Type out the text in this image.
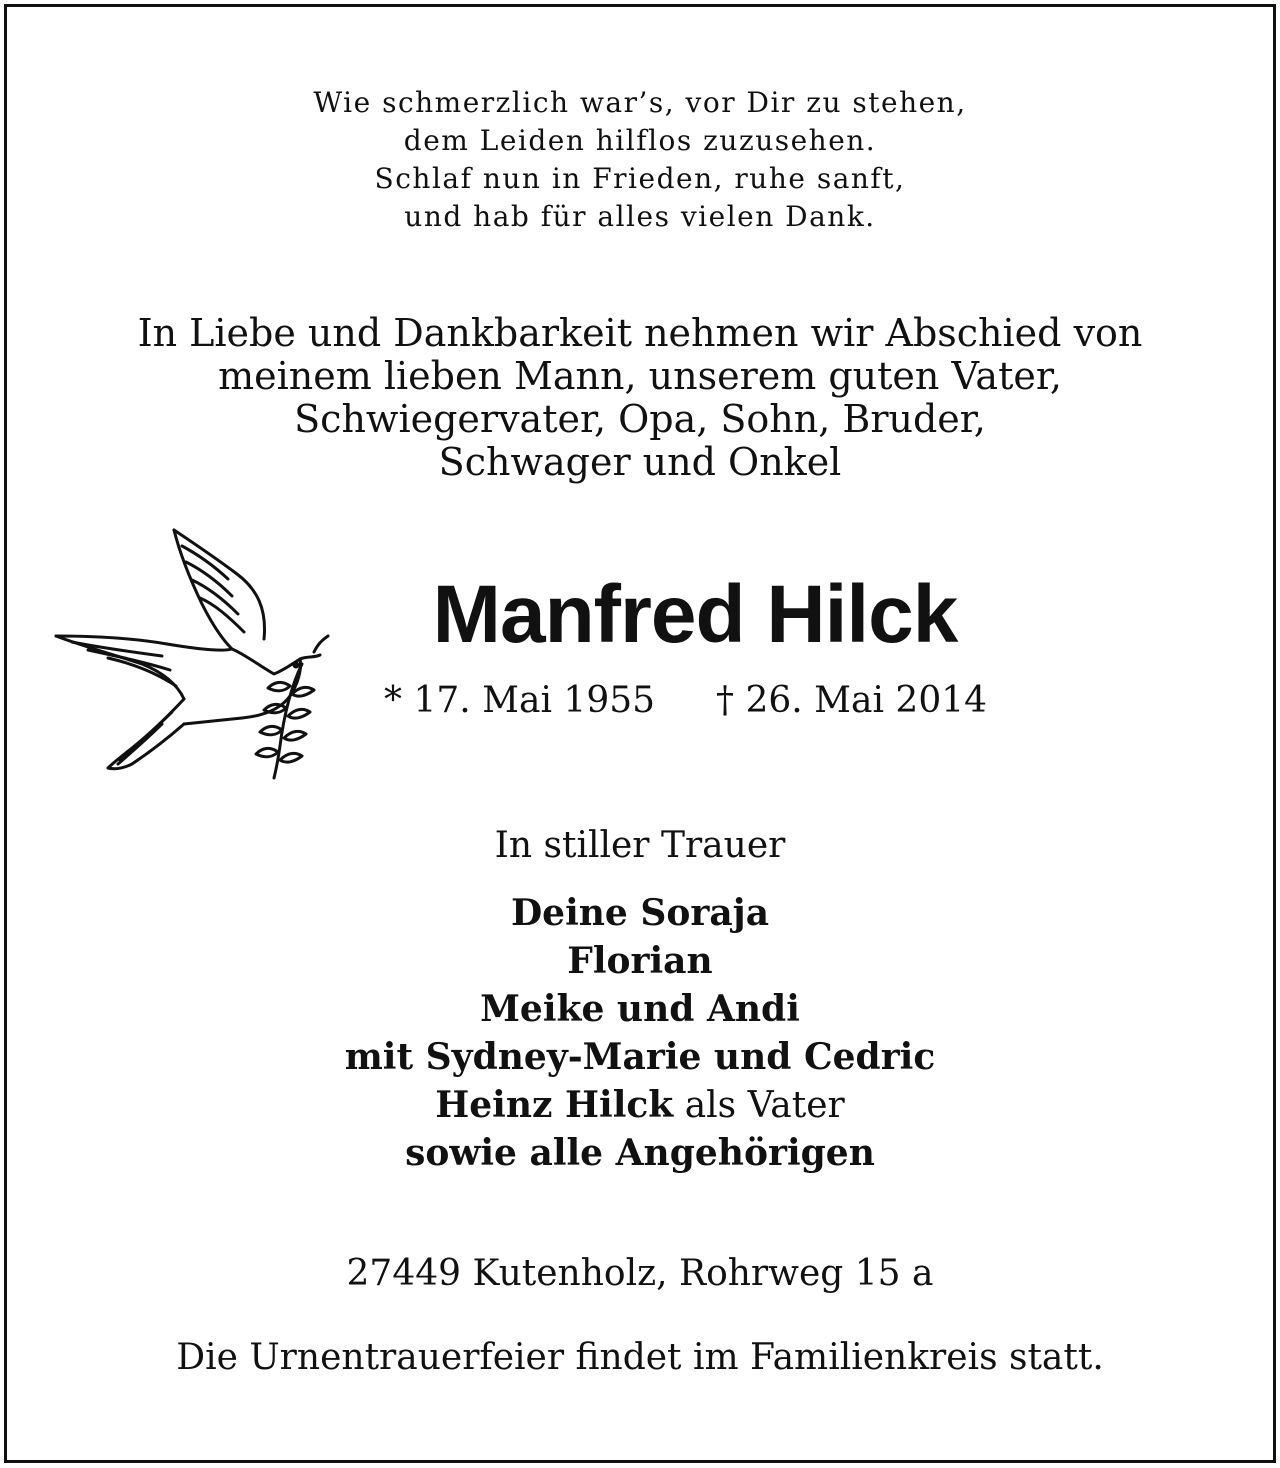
Wie schmerzlich war’s, vor Dir zu stehen,
dem Leiden hilflos zuzusehen.
Schlaf nun in Frieden, ruhe sanft,
und hab für alles vielen Dank.
In Liebe und Dankbarkeit nehmen wir Abschied von
meinem lieben Mann, unserem guten Vater,
Schwiegervater, Opa, Sohn, Bruder,
Schwager und Onkel
Manfred Hilck
* 17. Mai 1955 † 26. Mai 2014
In stiller Trauer
Deine Soraja
Florian
Meike und Andi
mit Sydney-Marie und Cedric
Heinz Hilck als Vater
sowie alle Angehörigen
27449 Kutenholz, Rohrweg 15 a
Die Urnentrauerfeier findet im Familienkreis statt.
